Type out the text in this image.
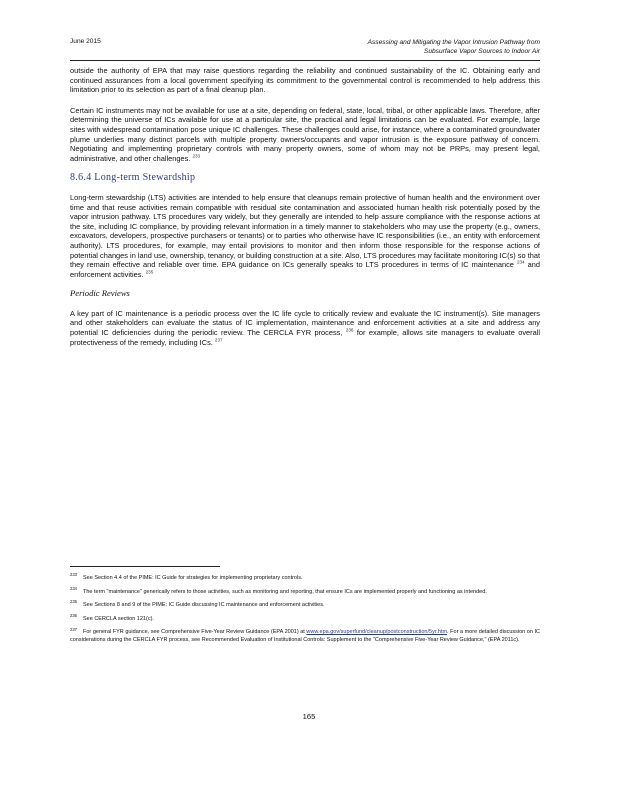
June 2015	Assessing and Mitigating the Vapor Intrusion Pathway from
Subsurface Vapor Sources to Indoor Air

outside the authority of EPA that may raise questions regarding the reliability and continued sustainability of the IC. Obtaining early and continued assurances from a local government specifying its commitment to the governmental control is recommended to help address this limitation prior to its selection as part of a final cleanup plan.

Certain IC instruments may not be available for use at a site, depending on federal, state, local, tribal, or other applicable laws. Therefore, after determining the universe of ICs available for use at a particular site, the practical and legal limitations can be evaluated. For example, large sites with widespread contamination pose unique IC challenges. These challenges could arise, for instance, where a contaminated groundwater plume underlies many distinct parcels with multiple property owners/occupants and vapor intrusion is the exposure pathway of concern. Negotiating and implementing proprietary controls with many property owners, some of whom may not be PRPs, may present legal, administrative, and other challenges. $^{233}$

8.6.4 Long-term Stewardship

Long-term stewardship (LTS) activities are intended to help ensure that cleanups remain protective of human health and the environment over time and that reuse activities remain compatible with residual site contamination and associated human health risk potentially posed by the vapor intrusion pathway. LTS procedures vary widely, but they generally are intended to help assure compliance with the response actions at the site, including IC compliance, by providing relevant information in a timely manner to stakeholders who may use the property (e.g., owners, excavators, developers, prospective purchasers or tenants) or to parties who otherwise have IC responsibilities (i.e., an entity with enforcement authority). LTS procedures, for example, may entail provisions to monitor and then inform those responsible for the response actions of potential changes in land use, ownership, tenancy, or building construction at a site. Also, LTS procedures may facilitate monitoring IC(s) so that they remain effective and reliable over time. EPA guidance on ICs generally speaks to LTS procedures in terms of IC maintenance $^{234}$ and enforcement activities. $^{235}$

Periodic Reviews

A key part of IC maintenance is a periodic process over the IC life cycle to critically review and evaluate the IC instrument(s). Site managers and other stakeholders can evaluate the status of IC implementation, maintenance and enforcement activities at a site and address any potential IC deficiencies during the periodic review. The CERCLA FYR process, $^{236}$ for example, allows site managers to evaluate overall protectiveness of the remedy, including ICs. $^{237}$

$^{233}$See Section 4.4 of the PIME: IC Guide for strategies for implementing proprietary controls.

$^{234}$The term "maintenance" generically refers to those activities, such as monitoring and reporting, that ensure ICs are implemented properly and functioning as intended.

$^{235}$See Sections 8 and 9 of the PIME: IC Guide discussing IC maintenance and enforcement activities.

$^{236}$See CERCLA section 121(c).

$^{237}$For general FYR guidance, see Comprehensive Five-Year Review Guidance (EPA 2001) at www.epa.gov/superfund/cleanup/postconstruction/5yr.htm. For a more detailed discussion on IC considerations during the CERCLA FYR process, see Recommended Evaluation of Institutional Controls: Supplement to the "Comprehensive Five-Year Review Guidance," (EPA 2011c).

165
